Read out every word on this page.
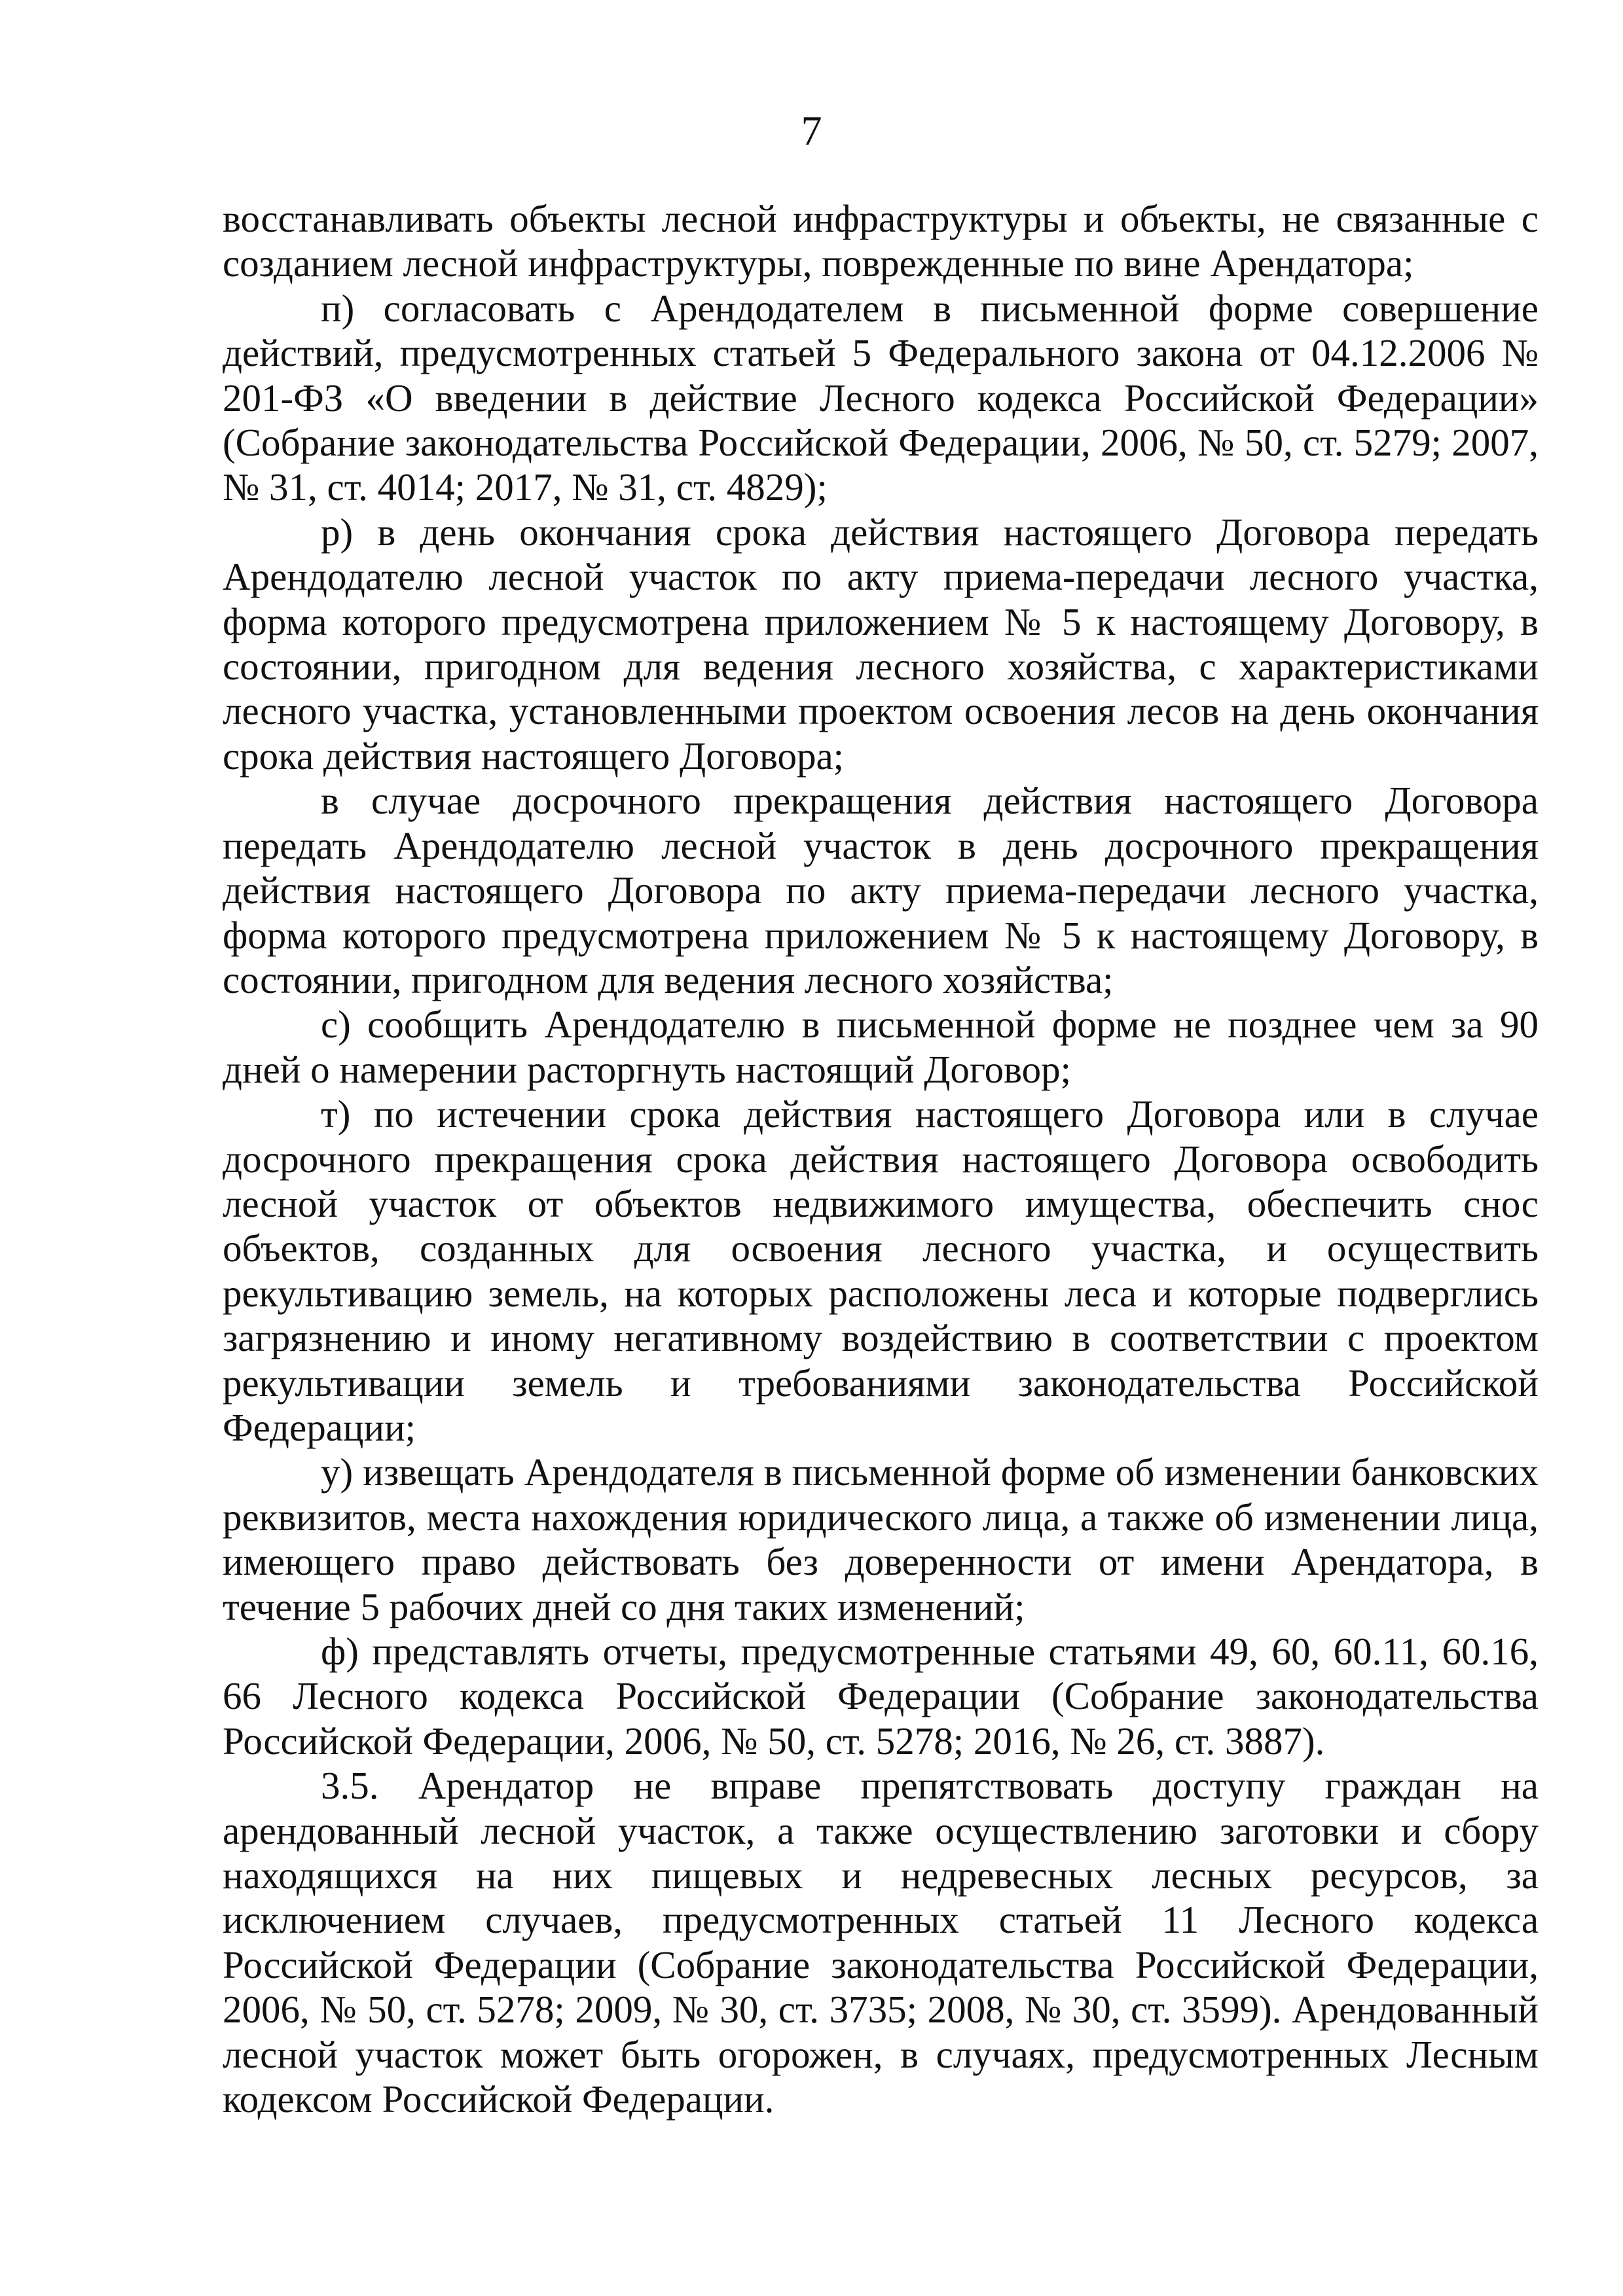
7

восстанавливать объекты лесной инфраструктуры и объекты, не связанные с созданием лесной инфраструктуры, поврежденные по вине Арендатора;

п) согласовать с Арендодателем в письменной форме совершение действий, предусмотренных статьей 5 Федерального закона от 04.12.2006 № 201-ФЗ «О введении в действие Лесного кодекса Российской Федерации» (Собрание законодательства Российской Федерации, 2006, № 50, ст. 5279; 2007, № 31, ст. 4014; 2017, № 31, ст. 4829);

р) в день окончания срока действия настоящего Договора передать Арендодателю лесной участок по акту приема-передачи лесного участка, форма которого предусмотрена приложением № 5 к настоящему Договору, в состоянии, пригодном для ведения лесного хозяйства, с характеристиками лесного участка, установленными проектом освоения лесов на день окончания срока действия настоящего Договора;

в случае досрочного прекращения действия настоящего Договора передать Арендодателю лесной участок в день досрочного прекращения действия настоящего Договора по акту приема-передачи лесного участка, форма которого предусмотрена приложением № 5 к настоящему Договору, в состоянии, пригодном для ведения лесного хозяйства;

с) сообщить Арендодателю в письменной форме не позднее чем за 90 дней о намерении расторгнуть настоящий Договор;

т) по истечении срока действия настоящего Договора или в случае досрочного прекращения срока действия настоящего Договора освободить лесной участок от объектов недвижимого имущества, обеспечить снос объектов, созданных для освоения лесного участка, и осуществить рекультивацию земель, на которых расположены леса и которые подверглись загрязнению и иному негативному воздействию в соответствии с проектом рекультивации земель и требованиями законодательства Российской Федерации;

у) извещать Арендодателя в письменной форме об изменении банковских реквизитов, места нахождения юридического лица, а также об изменении лица, имеющего право действовать без доверенности от имени Арендатора, в течение 5 рабочих дней со дня таких изменений;

ф) представлять отчеты, предусмотренные статьями 49, 60, 60.11, 60.16, 66 Лесного кодекса Российской Федерации (Собрание законодательства Российской Федерации, 2006, № 50, ст. 5278; 2016, № 26, ст. 3887).

3.5. Арендатор не вправе препятствовать доступу граждан на арендованный лесной участок, а также осуществлению заготовки и сбору находящихся на них пищевых и недревесных лесных ресурсов, за исключением случаев, предусмотренных статьей 11 Лесного кодекса Российской Федерации (Собрание законодательства Российской Федерации, 2006, № 50, ст. 5278; 2009, № 30, ст. 3735; 2008, № 30, ст. 3599). Арендованный лесной участок может быть огорожен, в случаях, предусмотренных Лесным кодексом Российской Федерации.
